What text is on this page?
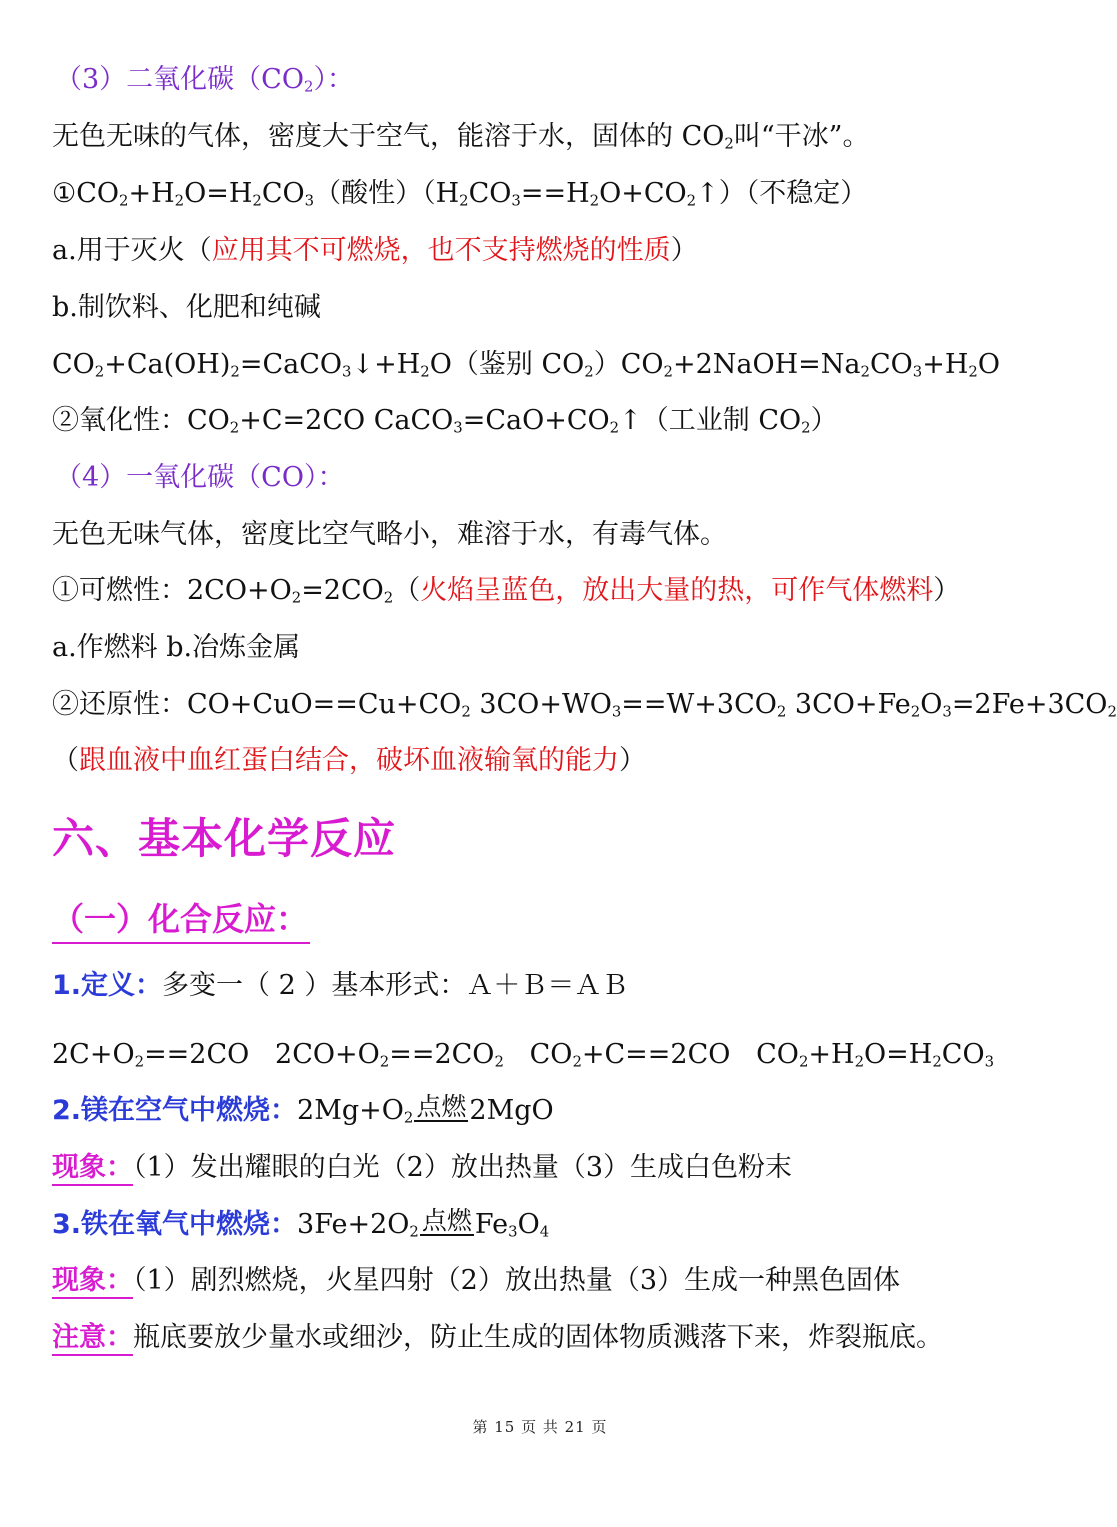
（3）二氧化碳$(CO_2)$：
无色无味的气体，密度大于空气，能溶于水，固体的 $CO_2$叫“干冰”。
$①CO_2+H_2O=H_2CO_3$（酸性）$(H_2CO_3==H_2O+CO_2↑)$（不稳定）
a.用于灭火（应用其不可燃烧，也不支持燃烧的性质）
b.制饮料、化肥和纯碱
$CO_2+Ca(OH)_2=CaCO_3↓+H_2O$（鉴别 $CO_2)CO_2+2NaOH=Na_2CO_3+H_2O$
②氧化性：$CO_2+C=2CO$ $CaCO_3=CaO+CO_2↑$（工业制 $CO_2$）
（4）一氧化碳（CO）：
无色无味气体，密度比空气略小，难溶于水，有毒气体。
①可燃性：$2CO+O_2=2CO_2$（火焰呈蓝色，放出大量的热，可作气体燃料）
a.作燃料 b.冶炼金属
②还原性：$CO+CuO==Cu+CO_2$ $3CO+WO_3==W+3CO_2$ $3CO+Fe_2O_3=2Fe+3CO_2$
（跟血液中血红蛋白结合，破坏血液输氧的能力）
六、基本化学反应
（一）化合反应：
1.定义：多变一（ 2 ）基本形式：Ａ＋Ｂ＝ＡＢ
$2C+O_2==2CO$   $2CO+O_2==2CO_2$   $CO_2+C==2CO$   $CO_2+H_2O=H_2CO_3$
2.镁在空气中燃烧：$2Mg+O_2$ 点燃 2MgO
现象：（1）发出耀眼的白光（2）放出热量（3）生成白色粉末
3.铁在氧气中燃烧：$3Fe+2O_2$ 点燃 $Fe_3O_4$
现象：（1）剧烈燃烧，火星四射（2）放出热量（3）生成一种黑色固体
注意：瓶底要放少量水或细沙，防止生成的固体物质溅落下来，炸裂瓶底。
第 15 页 共 21 页
